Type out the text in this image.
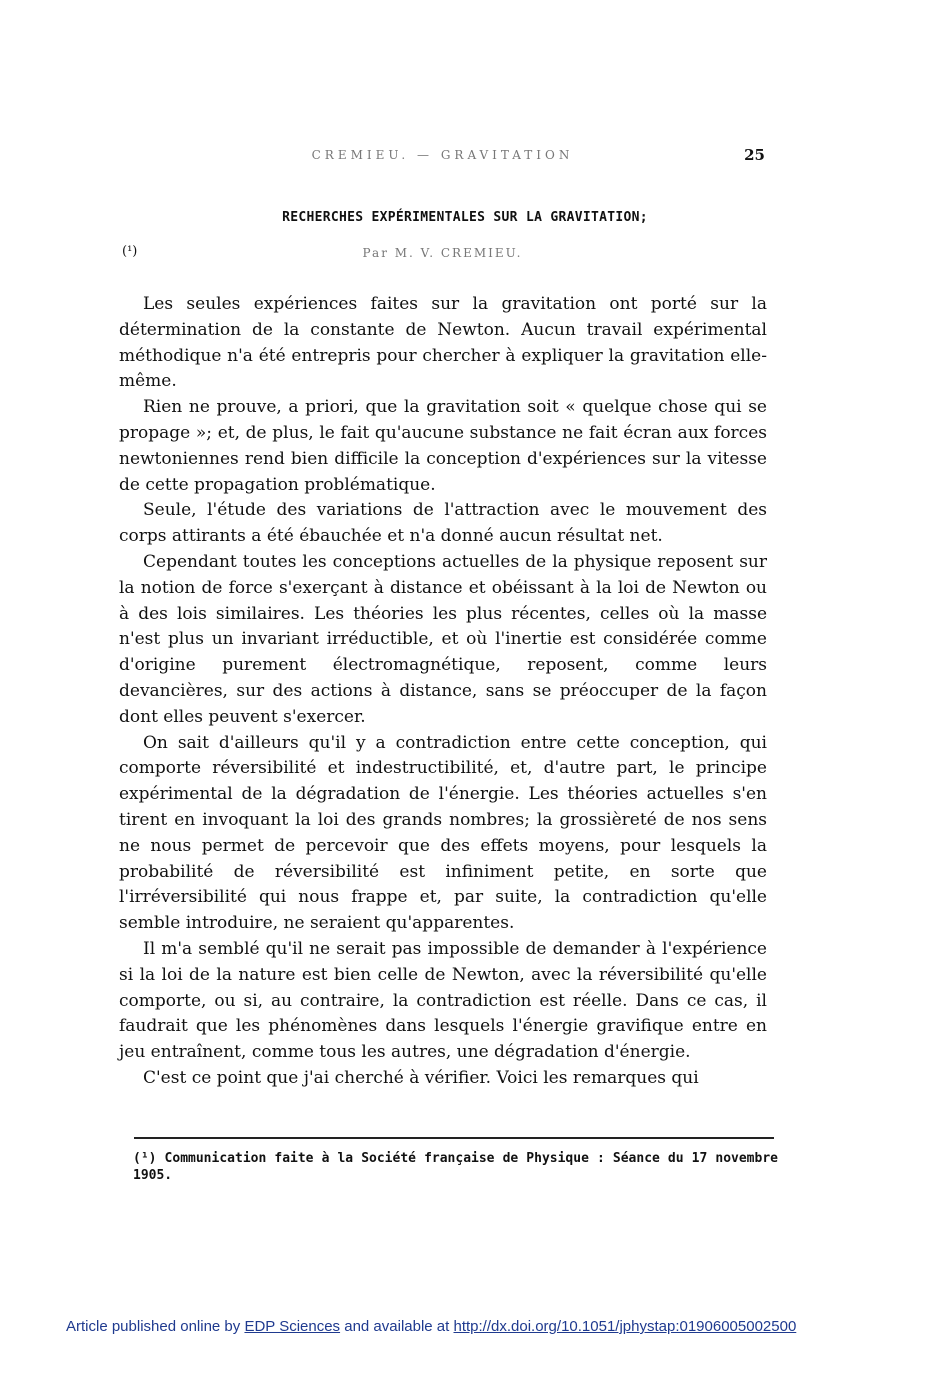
CREMIEU. — GRAVITATION	25
RECHERCHES EXPÉRIMENTALES SUR LA GRAVITATION;
(¹)	Par M. V. CREMIEU.

Les seules expériences faites sur la gravitation ont porté sur la détermination de la constante de Newton. Aucun travail expérimental méthodique n'a été entrepris pour chercher à expliquer la gravitation elle-même.

Rien ne prouve, a priori, que la gravitation soit « quelque chose qui se propage »; et, de plus, le fait qu'aucune substance ne fait écran aux forces newtoniennes rend bien difficile la conception d'expériences sur la vitesse de cette propagation problématique.

Seule, l'étude des variations de l'attraction avec le mouvement des corps attirants a été ébauchée et n'a donné aucun résultat net.

Cependant toutes les conceptions actuelles de la physique reposent sur la notion de force s'exerçant à distance et obéissant à la loi de Newton ou à des lois similaires. Les théories les plus récentes, celles où la masse n'est plus un invariant irréductible, et où l'inertie est considérée comme d'origine purement électromagnétique, reposent, comme leurs devancières, sur des actions à distance, sans se préoccuper de la façon dont elles peuvent s'exercer.

On sait d'ailleurs qu'il y a contradiction entre cette conception, qui comporte réversibilité et indestructibilité, et, d'autre part, le principe expérimental de la dégradation de l'énergie. Les théories actuelles s'en tirent en invoquant la loi des grands nombres; la grossièreté de nos sens ne nous permet de percevoir que des effets moyens, pour lesquels la probabilité de réversibilité est infiniment petite, en sorte que l'irréversibilité qui nous frappe et, par suite, la contradiction qu'elle semble introduire, ne seraient qu'apparentes.

Il m'a semblé qu'il ne serait pas impossible de demander à l'expérience si la loi de la nature est bien celle de Newton, avec la réversibilité qu'elle comporte, ou si, au contraire, la contradiction est réelle. Dans ce cas, il faudrait que les phénomènes dans lesquels l'énergie gravifique entre en jeu entraînent, comme tous les autres, une dégradation d'énergie.

C'est ce point que j'ai cherché à vérifier. Voici les remarques qui

(¹) Communication faite à la Société française de Physique : Séance du 17 novembre 1905.
Article published online by EDP Sciences and available at http://dx.doi.org/10.1051/jphystap:01906005002500
